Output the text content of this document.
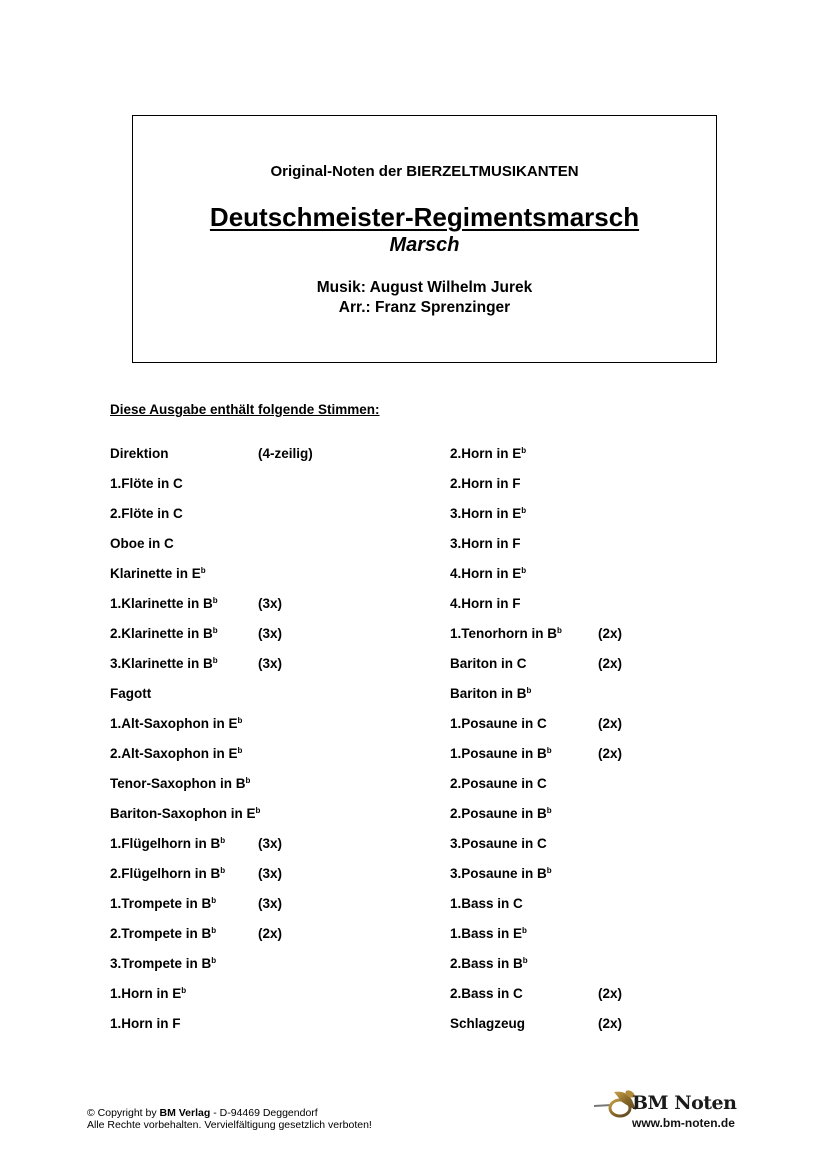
Original-Noten der BIERZELTMUSIKANTEN
Deutschmeister-Regimentsmarsch
Marsch
Musik: August Wilhelm Jurek
Arr.: Franz Sprenzinger
Diese Ausgabe enthält folgende Stimmen:
Direktion	(4-zeilig)
1.Flöte in C
2.Flöte in C
Oboe in C
Klarinette in $E^b$
1.Klarinette in $B^b$	(3x)
2.Klarinette in $B^b$	(3x)
3.Klarinette in $B^b$	(3x)
Fagott
1.Alt-Saxophon in $E^b$
2.Alt-Saxophon in $E^b$
Tenor-Saxophon in $B^b$
Bariton-Saxophon in $E^b$
1.Flügelhorn in $B^b$ (3x)
2.Flügelhorn in $B^b$ (3x)
1.Trompete in $B^b$	(3x)
2.Trompete in $B^b$	(2x)
3.Trompete in $B^b$
1.Horn in $E^b$
1.Horn in F
2.Horn in $E^b$
2.Horn in F
3.Horn in $E^b$
3.Horn in F
4.Horn in $E^b$
4.Horn in F
1.Tenorhorn in $B^b$	(2x)
Bariton in C	(2x)
Bariton in $B^b$
1.Posaune in C	(2x)
1.Posaune in $B^b$	(2x)
2.Posaune in C
2.Posaune in $B^b$
3.Posaune in C
3.Posaune in $B^b$
1.Bass in C
1.Bass in $E^b$
2.Bass in $B^b$
2.Bass in C	(2x)
Schlagzeug	(2x)
© Copyright by BM Verlag - D-94469 Deggendorf
Alle Rechte vorbehalten. Vervielfältigung gesetzlich verboten!
BM Noten
www.bm-noten.de
